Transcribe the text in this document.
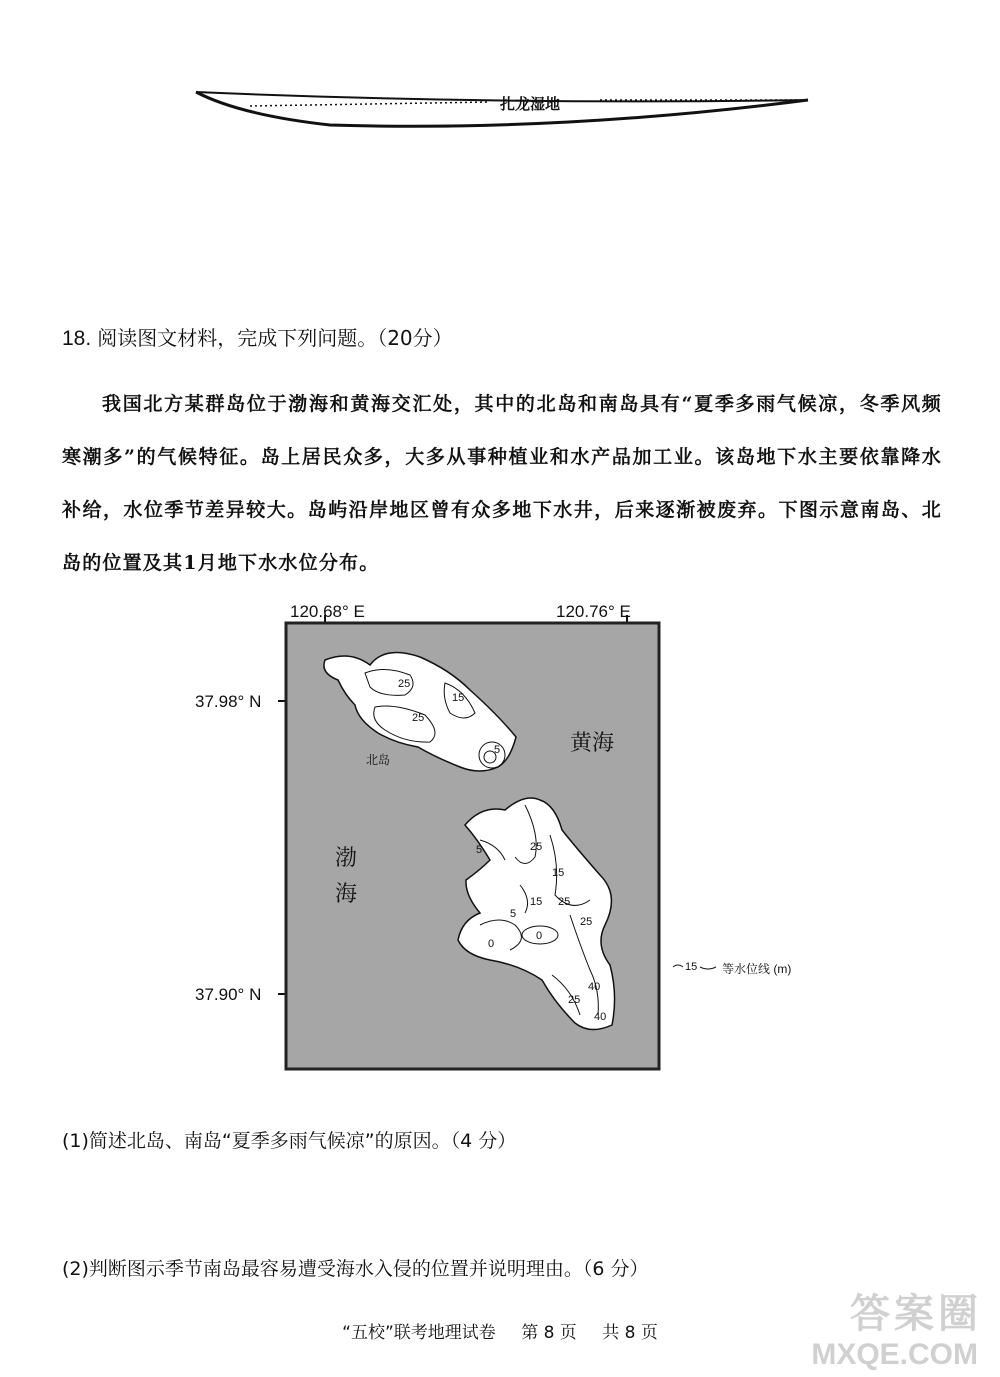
扎龙湿地
18. 阅读图文材料，完成下列问题。（20分）
我国北方某群岛位于渤海和黄海交汇处，其中的北岛和南岛具有“夏季多雨气候凉，冬季风频寒潮多”的气候特征。岛上居民众多，大多从事种植业和水产品加工业。该岛地下水主要依靠降水补给，水位季节差异较大。岛屿沿岸地区曾有众多地下水井，后来逐渐被废弃。下图示意南岛、北岛的位置及其1月地下水水位分布。
120.68° E	120.76° E
37.98° N
37.90° N
25
15
25
5
北岛
25
5
15
25
15
5
25
0
0
40
25
40
黄海
渤
海
15 等水位线 (m)
(1)简述北岛、南岛“夏季多雨气候凉”的原因。（4 分）
(2)判断图示季节南岛最容易遭受海水入侵的位置并说明理由。（6 分）
“五校”联考地理试卷 第 8 页 共 8 页	答案圈
MXQE.COM
